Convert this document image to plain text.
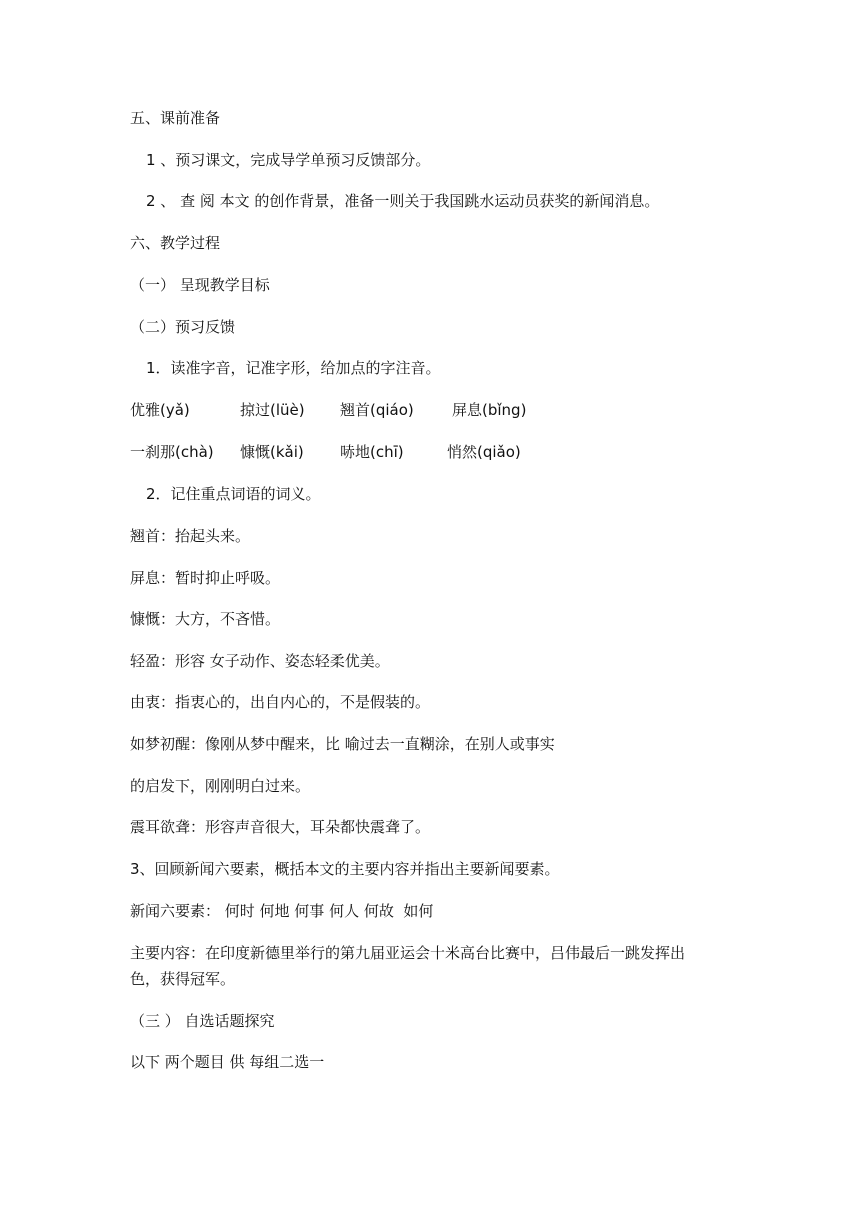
五、课前准备
1 、预习课文，完成导学单预习反馈部分。
2 、 查 阅 本文 的创作背景，准备一则关于我国跳水运动员获奖的新闻消息。
六、教学过程
（一） 呈现教学目标
（二）预习反馈
1．读准字音，记准字形，给加点的字注音。
优雅(yǎ)	掠过(lüè) 翘首(qiáo)	屏息(bǐng)
一刹那(chà) 慷慨(kǎi) 哧地(chī)	悄然(qiǎo)
2．记住重点词语的词义。
翘首：抬起头来。
屏息：暂时抑止呼吸。
慷慨：大方，不吝惜。
轻盈：形容 女子动作、姿态轻柔优美。
由衷：指衷心的，出自内心的，不是假装的。
如梦初醒：像刚从梦中醒来，比 喻过去一直糊涂，在别人或事实
的启发下，刚刚明白过来。
震耳欲聋：形容声音很大，耳朵都快震聋了。
3、回顾新闻六要素，概括本文的主要内容并指出主要新闻要素。
新闻六要素： 何时 何地 何事 何人 何故  如何
主要内容：在印度新德里举行的第九届亚运会十米高台比赛中，吕伟最后一跳发挥出
色，获得冠军。
（三 ） 自选话题探究
以下 两个题目 供 每组二选一
